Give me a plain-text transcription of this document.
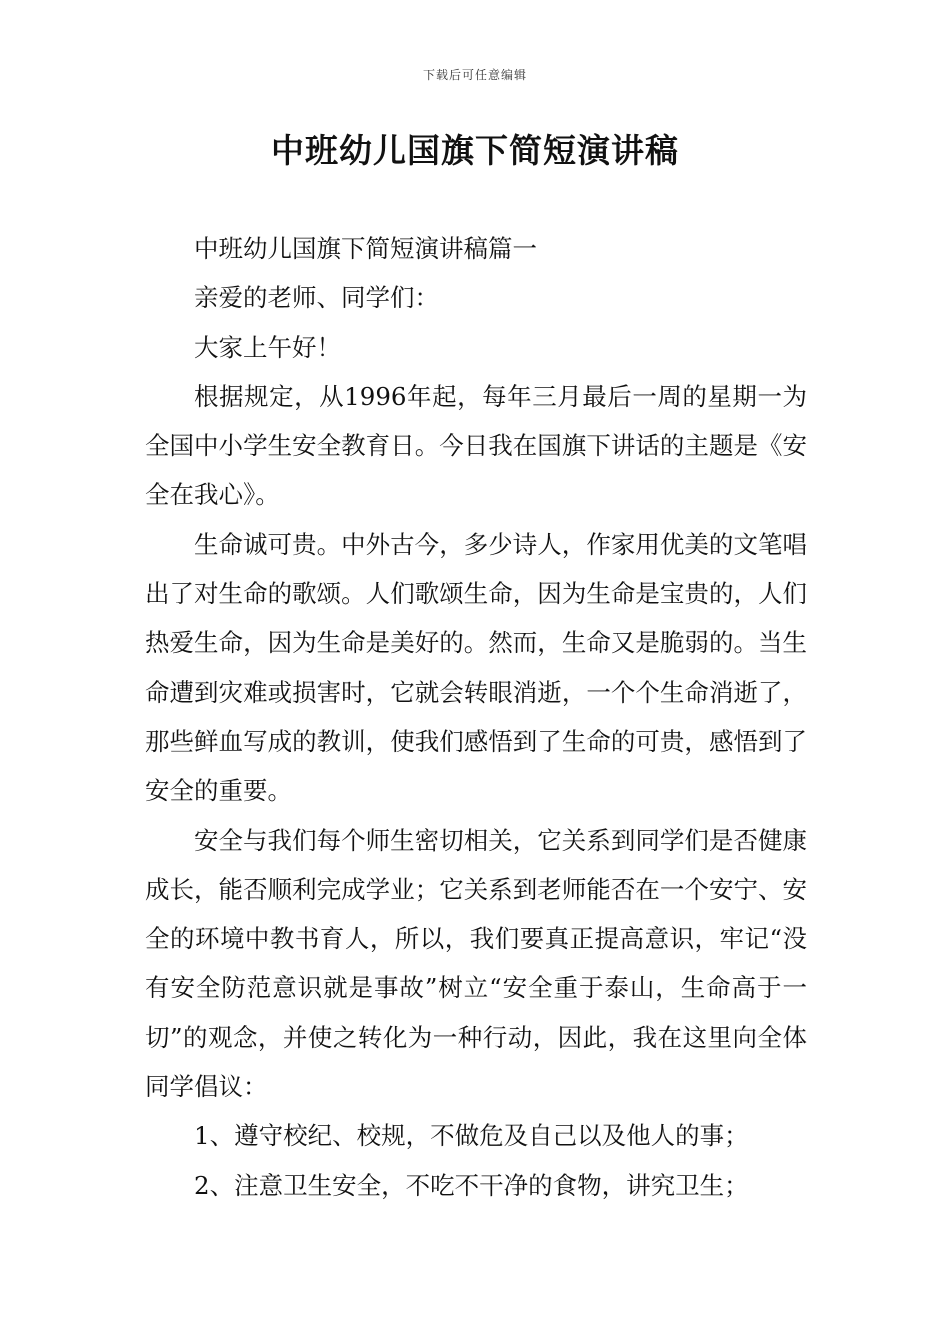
下载后可任意编辑
中班幼儿国旗下简短演讲稿

中班幼儿国旗下简短演讲稿篇一

亲爱的老师、同学们：

大家上午好！

根据规定，从1996年起，每年三月最后一周的星期一为全国中小学生安全教育日。今日我在国旗下讲话的主题是《安全在我心》。

生命诚可贵。中外古今，多少诗人，作家用优美的文笔唱出了对生命的歌颂。人们歌颂生命，因为生命是宝贵的，人们热爱生命，因为生命是美好的。然而，生命又是脆弱的。当生命遭到灾难或损害时，它就会转眼消逝，一个个生命消逝了，那些鲜血写成的教训，使我们感悟到了生命的可贵，感悟到了安全的重要。

安全与我们每个师生密切相关，它关系到同学们是否健康成长，能否顺利完成学业；它关系到老师能否在一个安宁、安全的环境中教书育人，所以，我们要真正提高意识，牢记“没有安全防范意识就是事故”树立“安全重于泰山，生命高于一切”的观念，并使之转化为一种行动，因此，我在这里向全体同学倡议：

1、遵守校纪、校规，不做危及自己以及他人的事；

2、注意卫生安全，不吃不干净的食物，讲究卫生；
